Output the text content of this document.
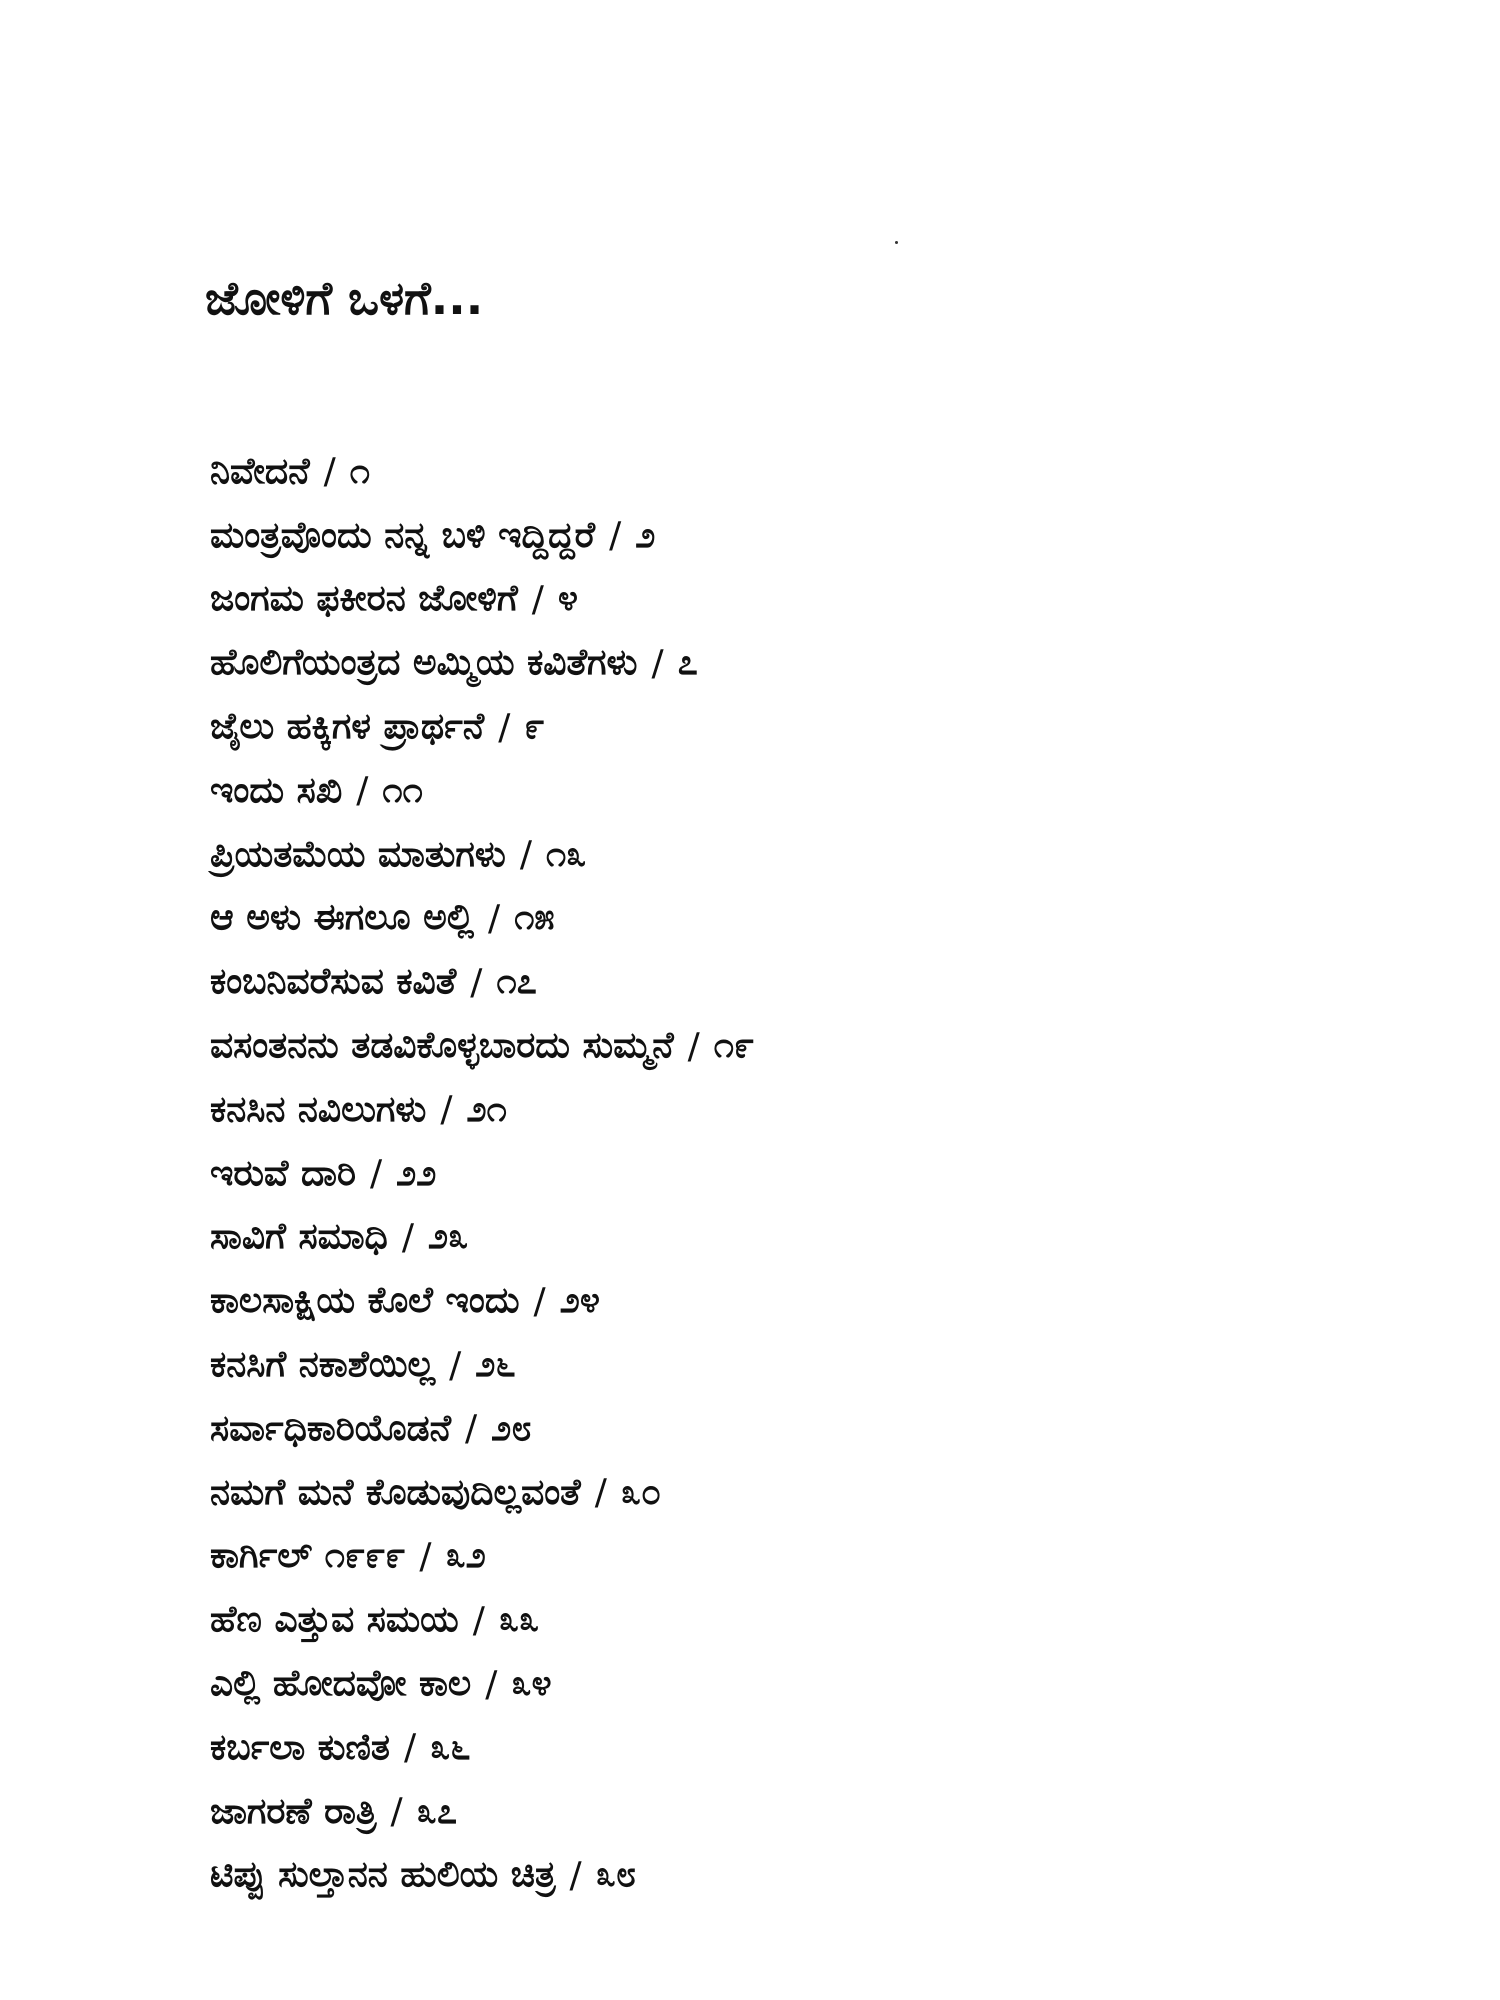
ಜೋಳಿಗೆ ಒಳಗೆ...
ನಿವೇದನೆ / ೧
ಮಂತ್ರವೊಂದು ನನ್ನ ಬಳಿ ಇದ್ದಿದ್ದರೆ / ೨
ಜಂಗಮ ಫಕೀರನ ಜೋಳಿಗೆ / ೪
ಹೊಲಿಗೆಯಂತ್ರದ ಅಮ್ಮಿಯ ಕವಿತೆಗಳು / ೭
ಜೈಲು ಹಕ್ಕಿಗಳ ಪ್ರಾರ್ಥನೆ / ೯
ಇಂದು ಸಖಿ / ೧೧
ಪ್ರಿಯತಮೆಯ ಮಾತುಗಳು / ೧೩
ಆ ಅಳು ಈಗಲೂ ಅಲ್ಲಿ / ೧೫
ಕಂಬನಿವರೆಸುವ ಕವಿತೆ / ೧೭
ವಸಂತನನು ತಡವಿಕೊಳ್ಳಬಾರದು ಸುಮ್ಮನೆ / ೧೯
ಕನಸಿನ ನವಿಲುಗಳು / ೨೧
ಇರುವೆ ದಾರಿ / ೨೨
ಸಾವಿಗೆ ಸಮಾಧಿ / ೨೩
ಕಾಲಸಾಕ್ಷಿಯ ಕೊಲೆ ಇಂದು / ೨೪
ಕನಸಿಗೆ ನಕಾಶೆಯಿಲ್ಲ / ೨೬
ಸರ್ವಾಧಿಕಾರಿಯೊಡನೆ / ೨೮
ನಮಗೆ ಮನೆ ಕೊಡುವುದಿಲ್ಲವಂತೆ / ೩೦
ಕಾರ್ಗಿಲ್ ೧೯೯೯ / ೩೨
ಹೆಣ ಎತ್ತುವ ಸಮಯ / ೩೩
ಎಲ್ಲಿ ಹೋದವೋ ಕಾಲ / ೩೪
ಕರ್ಬಲಾ ಕುಣಿತ / ೩೬
ಜಾಗರಣೆ ರಾತ್ರಿ / ೩೭
ಟಿಪ್ಪು ಸುಲ್ತಾನನ ಹುಲಿಯ ಚಿತ್ರ / ೩೮
